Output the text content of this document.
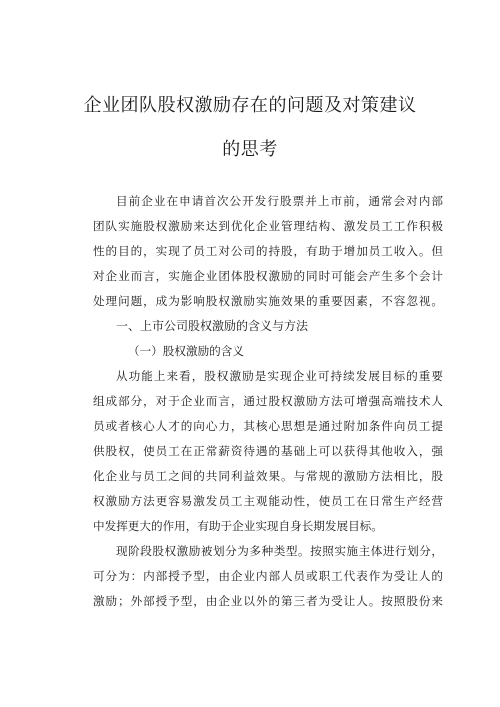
企业团队股权激励存在的问题及对策建议
的思考
目前企业在申请首次公开发行股票并上市前，通常会对内部
团队实施股权激励来达到优化企业管理结构、激发员工工作积极
性的目的，实现了员工对公司的持股，有助于增加员工收入。但
对企业而言，实施企业团体股权激励的同时可能会产生多个会计
处理问题，成为影响股权激励实施效果的重要因素，不容忽视。
一、上市公司股权激励的含义与方法
（一）股权激励的含义
从功能上来看，股权激励是实现企业可持续发展目标的重要
组成部分，对于企业而言，通过股权激励方法可增强高端技术人
员或者核心人才的向心力，其核心思想是通过附加条件向员工提
供股权，使员工在正常薪资待遇的基础上可以获得其他收入，强
化企业与员工之间的共同利益效果。与常规的激励方法相比，股
权激励方法更容易激发员工主观能动性，使员工在日常生产经营
中发挥更大的作用，有助于企业实现自身长期发展目标。
现阶段股权激励被划分为多种类型。按照实施主体进行划分，
可分为：内部授予型，由企业内部人员或职工代表作为受让人的
激励；外部授予型，由企业以外的第三者为受让人。按照股份来
